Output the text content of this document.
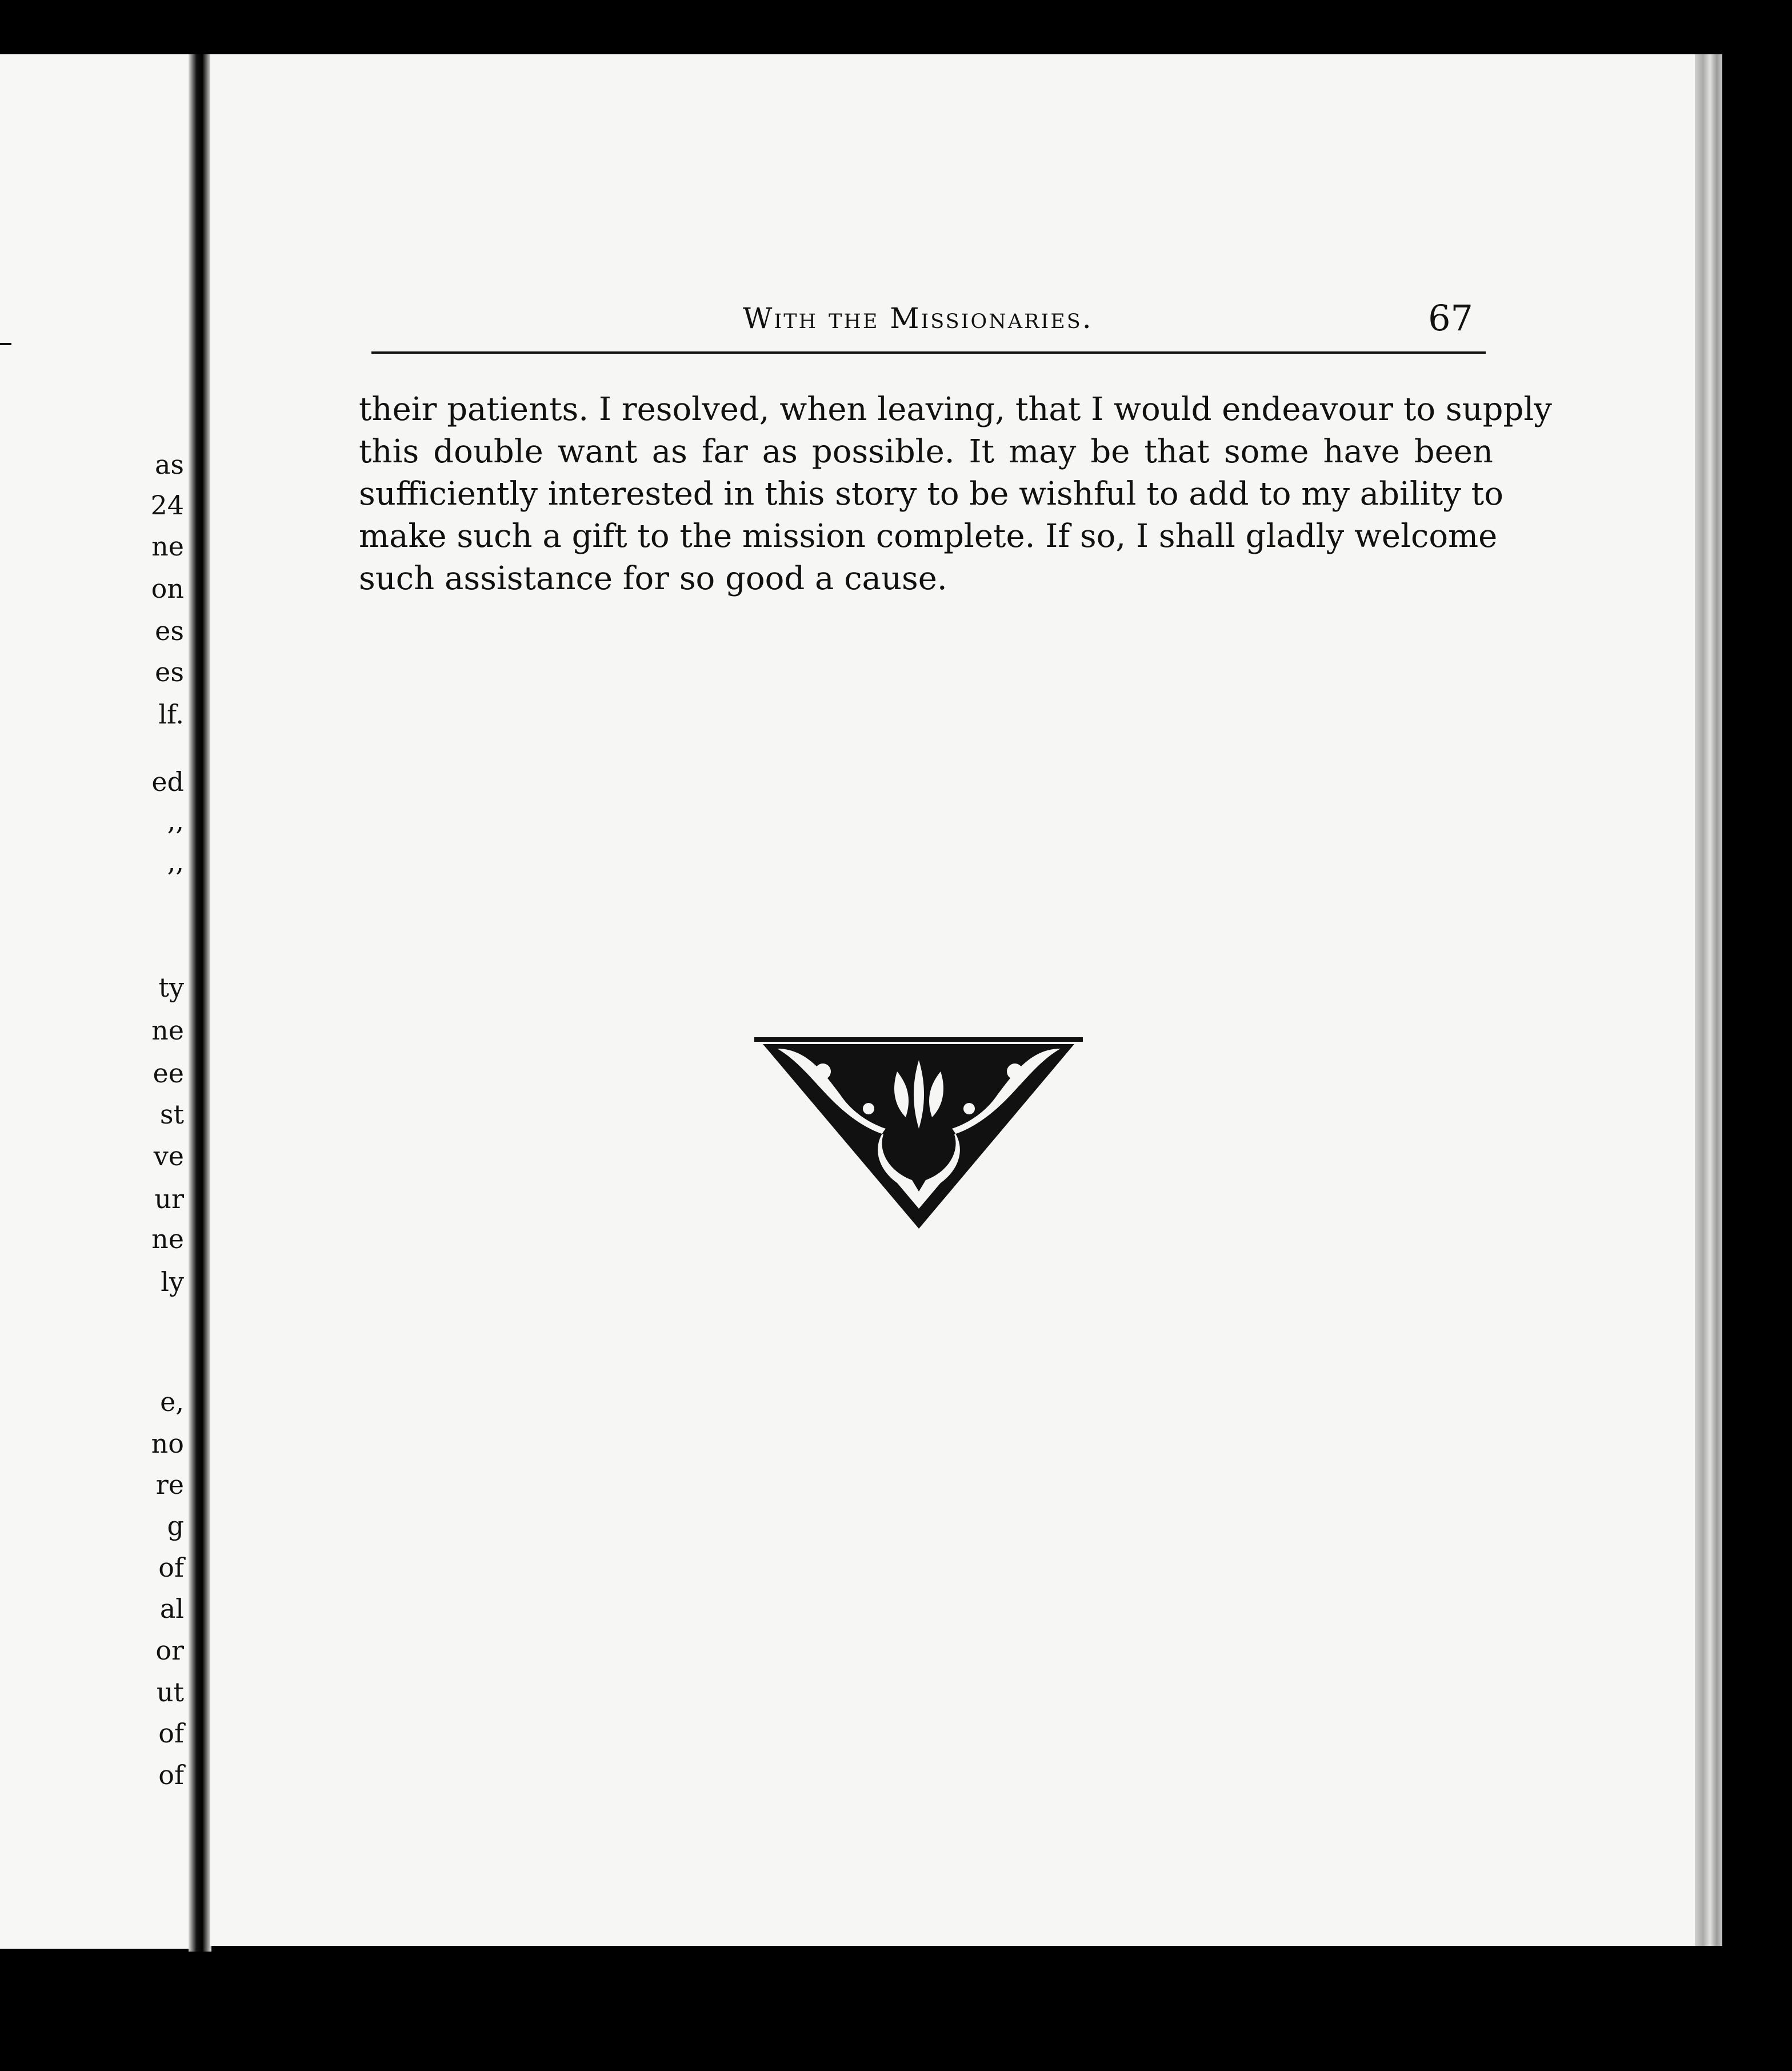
as
24
ne
on
es
es
lf.
ed
,,
,,
ty
ne
ee
st
ve
ur
ne
ly
e,
no
re
g
of
al
or
ut
of
of
With the Missionaries.	67
their patients. I resolved, when leaving, that I would endeavour to supply
this double want as far as possible. It may be that some have been
sufficiently interested in this story to be wishful to add to my ability to
make such a gift to the mission complete. If so, I shall gladly welcome
such assistance for so good a cause.
